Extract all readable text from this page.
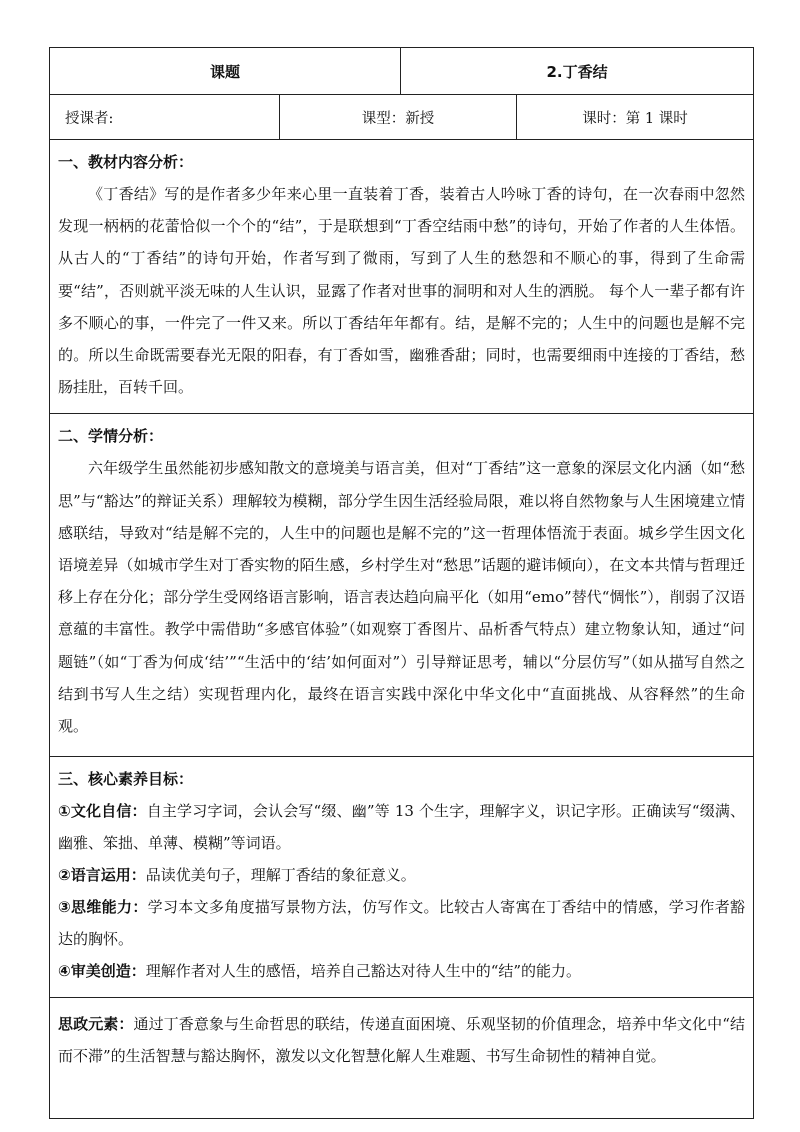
课题		2.丁香结	
授课者:	课型：新授		课时：第 1 课时

一、教材内容分析：

《丁香结》写的是作者多少年来心里一直装着丁香，装着古人吟咏丁香的诗句，在一次春雨中忽然发现一柄柄的花蕾恰似一个个的“结”，于是联想到“丁香空结雨中愁”的诗句，开始了作者的人生体悟。从古人的“丁香结”的诗句开始，作者写到了微雨，写到了人生的愁怨和不顺心的事，得到了生命需要“结”，否则就平淡无味的人生认识，显露了作者对世事的洞明和对人生的洒脱。 每个人一辈子都有许多不顺心的事，一件完了一件又来。所以丁香结年年都有。结，是解不完的；人生中的问题也是解不完的。所以生命既需要春光无限的阳春，有丁香如雪，幽雅香甜；同时，也需要细雨中连接的丁香结，愁肠挂肚，百转千回。			

二、学情分析：

六年级学生虽然能初步感知散文的意境美与语言美，但对“丁香结”这一意象的深层文化内涵（如“愁思”与“豁达”的辩证关系）理解较为模糊，部分学生因生活经验局限，难以将自然物象与人生困境建立情感联结，导致对“结是解不完的，人生中的问题也是解不完的”这一哲理体悟流于表面。城乡学生因文化语境差异（如城市学生对丁香实物的陌生感，乡村学生对“愁思”话题的避讳倾向），在文本共情与哲理迁移上存在分化；部分学生受网络语言影响，语言表达趋向扁平化（如用“emo”替代“惆怅”），削弱了汉语意蕴的丰富性。教学中需借助“多感官体验”（如观察丁香图片、品析香气特点）建立物象认知，通过“问题链”（如“丁香为何成‘结’”“生活中的‘结’如何面对”）引导辩证思考，辅以“分层仿写”（如从描写自然之结到书写人生之结）实现哲理内化，最终在语言实践中深化中华文化中“直面挑战、从容释然”的生命观。			

三、核心素养目标：

①文化自信：自主学习字词，会认会写“缀、幽”等 13 个生字，理解字义，识记字形。正确读写“缀满、幽雅、笨拙、单薄、模糊”等词语。

②语言运用：品读优美句子，理解丁香结的象征意义。

③思维能力：学习本文多角度描写景物方法，仿写作文。比较古人寄寓在丁香结中的情感，学习作者豁达的胸怀。

④审美创造：理解作者对人生的感悟，培养自己豁达对待人生中的“结”的能力。			

思政元素：通过丁香意象与生命哲思的联结，传递直面困境、乐观坚韧的价值理念，培养中华文化中“结而不滞”的生活智慧与豁达胸怀，激发以文化智慧化解人生难题、书写生命韧性的精神自觉。			
